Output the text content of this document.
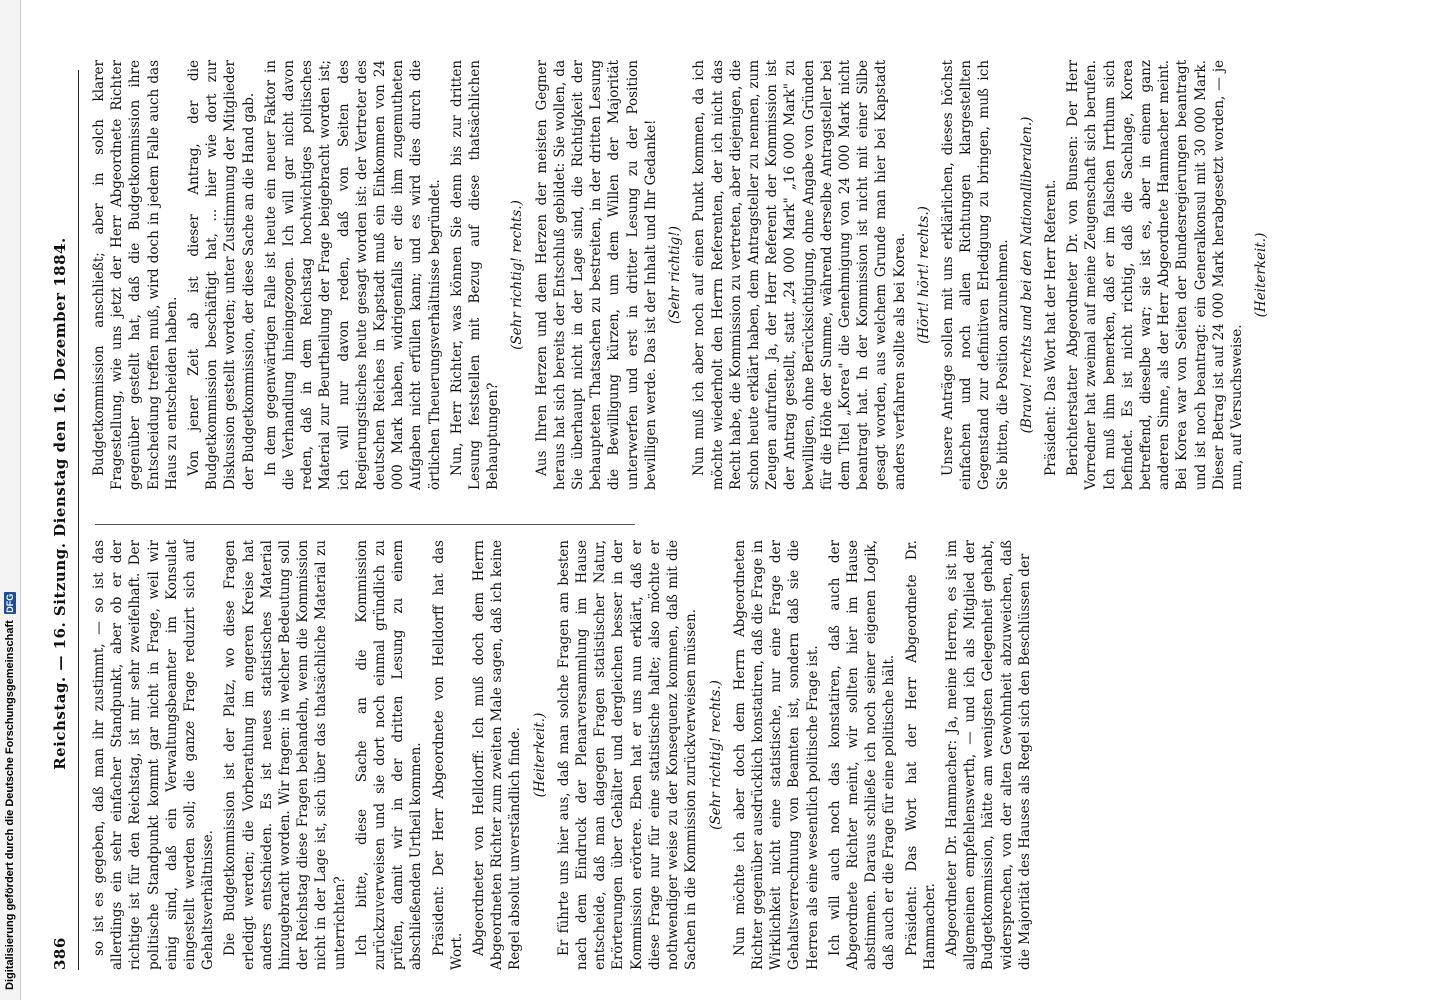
386
Reichstag. — 16. Sitzung. Dienstag den 16. Dezember 1884. so ist es gegeben, daß man ihr zustimmt, — so ist das allerdings ein sehr einfacher Standpunkt, aber ob er der richtige ist für den Reichstag, ist mir sehr zweifelhaft. Der politische Standpunkt kommt gar nicht in Frage, weil wir einig sind, daß ein Verwaltungsbeamter im Konsulat eingestellt werden soll; die ganze Frage reduzirt sich auf Gehaltsverhältnisse. Die Budgetkommission ist der Platz, wo diese Fragen erledigt werden; die Vorberathung im engeren Kreise hat anders entschieden. Es ist neues statistisches Material hinzugebracht worden. Wir fragen: in welcher Bedeutung soll der Reichstag diese Fragen behandeln, wenn die Kommission nicht in der Lage ist, sich über das thatsächliche Material zu unterrichten? Ich bitte, diese Sache an die Kommission zurückzuverweisen und sie dort noch einmal gründlich zu prüfen, damit wir in der dritten Lesung zu einem abschließenden Urtheil kommen. Präsident: Der Herr Abgeordnete von Helldorff hat das Wort. Abgeordneter von Helldorff: Ich muß doch dem Herrn Abgeordneten Richter zum zweiten Male sagen, daß ich keine Regel absolut unverständlich finde. (Heiterkeit.) Er führte uns hier aus, daß man solche Fragen am besten nach dem Eindruck der Plenarversammlung im Hause entscheide, daß man dagegen Fragen statistischer Natur, Erörterungen über Gehälter und dergleichen besser in der Kommission erörtere. Eben hat er uns nun erklärt, daß er diese Frage nur für eine statistische halte; also möchte er nothwendiger weise zu der Konsequenz kommen, daß mit die Sachen in die Kommission zurückverweisen müssen. (Sehr richtig! rechts.) Nun möchte ich aber doch dem Herrn Abgeordneten Richter gegenüber ausdrücklich konstatiren, daß die Frage in Wirklichkeit nicht eine statistische, nur eine Frage der Gehaltsverrechnung von Beamten ist, sondern daß sie die Herren als eine wesentlich politische Frage ist. Ich will auch noch das konstatiren, daß auch der Abgeordnete Richter meint, wir sollten hier im Hause abstimmen. Daraus schließe ich noch seiner eigenen Logik, daß auch er die Frage für eine politische hält. Präsident: Das Wort hat der Herr Abgeordnete Dr. Hammacher. Abgeordneter Dr. Hammacher: Ja, meine Herren, es ist im allgemeinen empfehlenswerth, — und ich als Mitglied der Budgetkommission, hätte am wenigsten Gelegenheit gehabt, widersprechen, von der alten Gewohnheit abzuweichen, daß die Majorität des Hauses als Regel sich den Beschlüssen der

Budgetkommission anschließt; aber in solch klarer Fragestellung, wie uns jetzt der Herr Abgeordnete Richter gegenüber gestellt hat, daß die Budgetkommission ihre Entscheidung treffen muß, wird doch in jedem Falle auch das Haus zu entscheiden haben. Von jener Zeit ab ist dieser Antrag, der die Budgetkommission beschäftigt hat, ... hier wie dort zur Diskussion gestellt worden; unter Zustimmung der Mitglieder der Budgetkommission, der diese Sache an die Hand gab. In dem gegenwärtigen Falle ist heute ein neuer Faktor in die Verhandlung hineingezogen. Ich will gar nicht davon reden, daß in dem Reichstag hochwichtiges politisches Material zur Beurtheilung der Frage beigebracht worden ist; ich will nur davon reden, daß von Seiten des Regierungstisches heute gesagt worden ist: der Vertreter des deutschen Reiches in Kapstadt muß ein Einkommen von 24 000 Mark haben, widrigenfalls er die ihm zugemutheten Aufgaben nicht erfüllen kann; und es wird dies durch die örtlichen Theuerungsverhältnisse begründet. Nun, Herr Richter, was können Sie denn bis zur dritten Lesung feststellen mit Bezug auf diese thatsächlichen Behauptungen?

(Sehr richtig! rechts.) Aus Ihren Herzen und dem Herzen der meisten Gegner heraus hat sich bereits der Entschluß gebildet: Sie wollen, da Sie überhaupt nicht in der Lage sind, die Richtigkeit der behaupteten Thatsachen zu bestreiten, in der dritten Lesung die Bewilligung kürzen, um dem Willen der Majorität unterwerfen und erst in dritter Lesung zu der Position bewilligen werde. Das ist der Inhalt und Ihr Gedanke! (Sehr richtig!) Nun muß ich aber noch auf einen Punkt kommen, da ich möchte wiederholt den Herrn Referenten, der ich nicht das Recht habe, die Kommission zu vertreten, aber diejenigen, die schon heute erklärt haben, dem Antragsteller zu nennen, zum Zeugen aufrufen. Ja, der Herr Referent der Kommission ist der Antrag gestellt, statt „24 000 Mark" „16 000 Mark" zu bewilligen, ohne Berücksichtigung, ohne Angabe von Gründen für die Höhe der Summe, während derselbe Antragsteller bei dem Titel „Korea" die Genehmigung von 24 000 Mark nicht beantragt hat. In der Kommission ist nicht mit einer Silbe gesagt worden, aus welchem Grunde man hier bei Kapstadt anders verfahren sollte als bei Korea. (Hört! hört! rechts.) Unsere Anträge sollen mit uns erklärlichen, dieses höchst einfachen und noch allen Richtungen klargestellten Gegenstand zur definitiven Erledigung zu bringen, muß ich Sie bitten, die Position anzunehmen. (Bravo! rechts und bei den Nationalliberalen.) Präsident: Das Wort hat der Herr Referent. Berichterstatter Abgeordneter Dr. von Bunsen: Der Herr Vorredner hat zweimal auf meine Zeugenschaft sich berufen. Ich muß ihm bemerken, daß er im falschen Irrthum sich befindet. Es ist nicht richtig, daß die Sachlage, Korea betreffend, dieselbe war; sie ist es, aber in einem ganz anderen Sinne, als der Herr Abgeordnete Hammacher meint. Bei Korea war von Seiten der Bundesregierungen beantragt und ist noch beantragt: ein Generalkonsul mit 30 000 Mark. Dieser Betrag ist auf 24 000 Mark herabgesetzt worden, — je nun, auf Versuchsweise.

(Heiterkeit.)

Digitalisierung gefördert durch die Deutsche Forschungsgemeinschaft
DFG
